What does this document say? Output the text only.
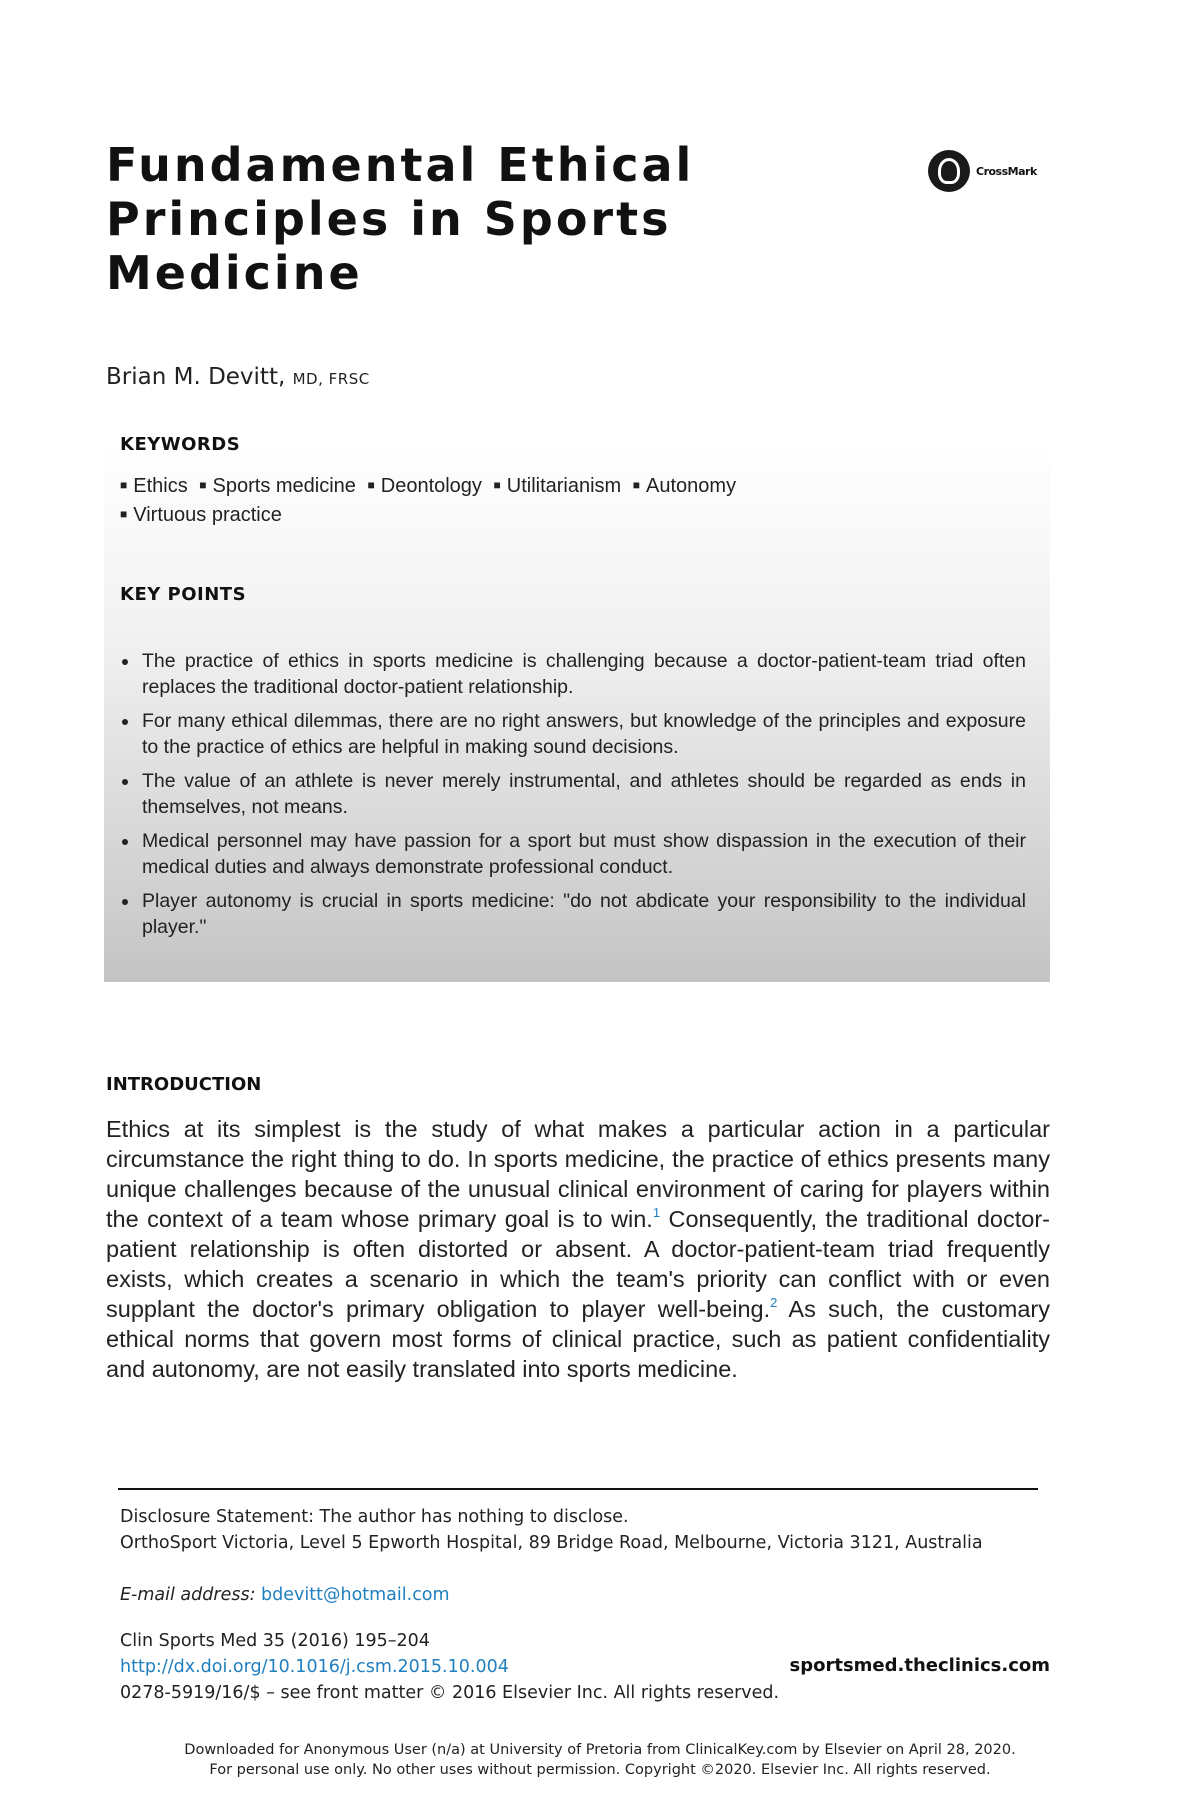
Fundamental Ethical Principles in Sports Medicine
CrossMark
Brian M. Devitt, MD, FRSC
KEYWORDS
■ Ethics ■ Sports medicine ■ Deontology ■ Utilitarianism ■ Autonomy
■ Virtuous practice
KEY POINTS
The practice of ethics in sports medicine is challenging because a doctor-patient-team triad often replaces the traditional doctor-patient relationship.
For many ethical dilemmas, there are no right answers, but knowledge of the principles and exposure to the practice of ethics are helpful in making sound decisions.
The value of an athlete is never merely instrumental, and athletes should be regarded as ends in themselves, not means.
Medical personnel may have passion for a sport but must show dispassion in the execution of their medical duties and always demonstrate professional conduct.
Player autonomy is crucial in sports medicine: "do not abdicate your responsibility to the individual player."
INTRODUCTION

Ethics at its simplest is the study of what makes a particular action in a particular circumstance the right thing to do. In sports medicine, the practice of ethics presents many unique challenges because of the unusual clinical environment of caring for players within the context of a team whose primary goal is to win.$^1$ Consequently, the traditional doctor-patient relationship is often distorted or absent. A doctor-patient-team triad frequently exists, which creates a scenario in which the team's priority can conflict with or even supplant the doctor's primary obligation to player well-being.$^2$ As such, the customary ethical norms that govern most forms of clinical practice, such as patient confidentiality and autonomy, are not easily translated into sports medicine.

Disclosure Statement: The author has nothing to disclose.
OrthoSport Victoria, Level 5 Epworth Hospital, 89 Bridge Road, Melbourne, Victoria 3121, Australia
E-mail address: bdevitt@hotmail.com
Clin Sports Med 35 (2016) 195–204
http://dx.doi.org/10.1016/j.csm.2015.10.004	sportsmed.theclinics.com
0278-5919/16/$ – see front matter © 2016 Elsevier Inc. All rights reserved.
Downloaded for Anonymous User (n/a) at University of Pretoria from ClinicalKey.com by Elsevier on April 28, 2020.
For personal use only. No other uses without permission. Copyright ©2020. Elsevier Inc. All rights reserved.
